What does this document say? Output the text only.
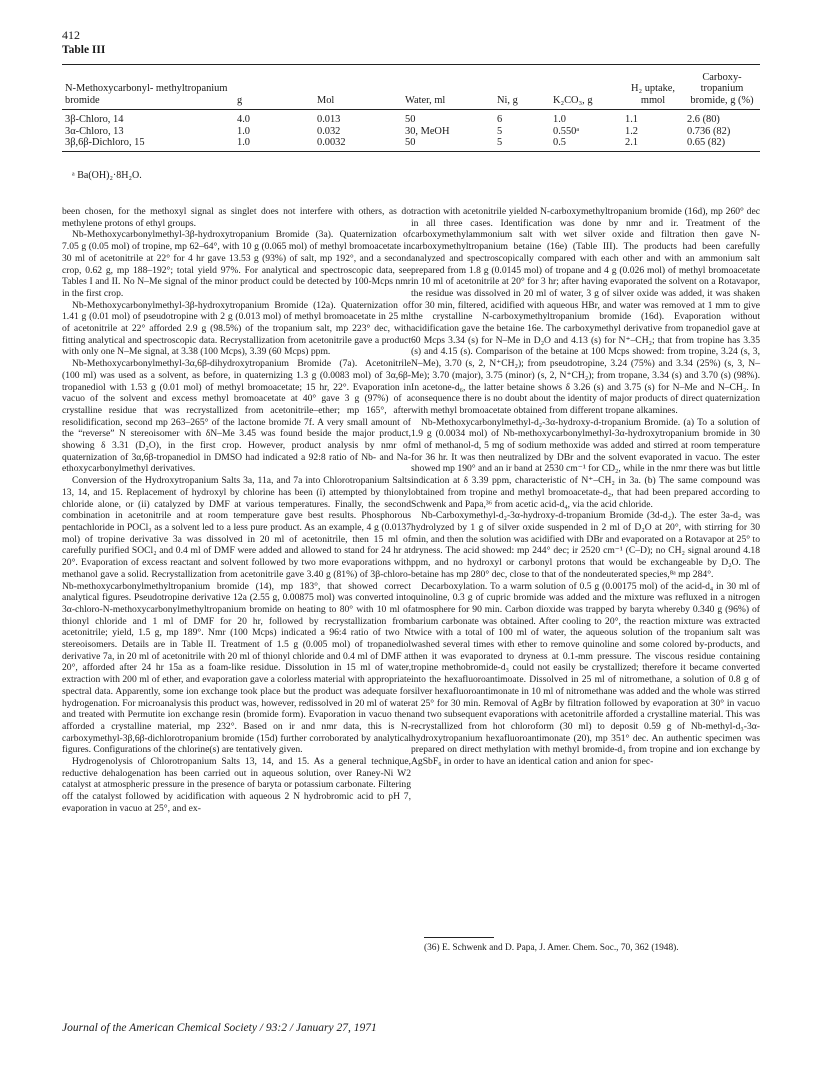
412
Table III
N-Methoxycarbonyl- methyltropanium bromide	g	Mol	Water, ml	Ni, g	K₂CO₃, g	H₂ uptake, mmol	Carboxy- tropanium bromide, g (%)
3β-Chloro, 14	4.0	0.013	50	6	1.0	1.1	2.6 (80)
3α-Chloro, 13	1.0	0.032	30, MeOH	5	0.550ᵃ	1.2	0.736 (82)
3β,6β-Dichloro, 15	1.0	0.0032	50	5	0.5	2.1	0.65 (82)
ᵃ Ba(OH)₂·8H₂O.

been chosen, for the methoxyl signal as singlet does not interfere with others, as do methylene protons of ethyl groups.

Nb-Methoxycarbonylmethyl-3β-hydroxytropanium Bromide (3a). Quaternization of 7.05 g (0.05 mol) of tropine, mp 62–64°, with 10 g (0.065 mol) of methyl bromoacetate in 30 ml of acetonitrile at 22° for 4 hr gave 13.53 g (93%) of salt, mp 192°, and a second crop, 0.62 g, mp 188–192°; total yield 97%. For analytical and spectroscopic data, see Tables I and II. No N–Me signal of the minor product could be detected by 100-Mcps nmr in the first crop.

Nb-Methoxycarbonylmethyl-3β-hydroxytropanium Bromide (12a). Quaternization of 1.41 g (0.01 mol) of pseudotropine with 2 g (0.013 mol) of methyl bromoacetate in 25 ml of acetonitrile at 22° afforded 2.9 g (98.5%) of the tropanium salt, mp 223° dec, with fitting analytical and spectroscopic data. Recrystallization from acetonitrile gave a product with only one N–Me signal, at 3.38 (100 Mcps), 3.39 (60 Mcps) ppm.

Nb-Methoxycarbonylmethyl-3α,6β-dihydroxytropanium Bromide (7a). Acetonitrile (100 ml) was used as a solvent, as before, in quaternizing 1.3 g (0.0083 mol) of 3α,6β-tropanediol with 1.53 g (0.01 mol) of methyl bromoacetate; 15 hr, 22°. Evaporation in vacuo of the solvent and excess methyl bromoacetate at 40° gave 3 g (97%) of a crystalline residue that was recrystallized from acetonitrile–ether; mp 165°, after resolidification, second mp 263–265° of the lactone bromide 7f. A very small amount of the “reverse” N stereoisomer with δN–Me 3.45 was found beside the major product, showing δ 3.31 (D₂O), in the first crop. However, product analysis by nmr of quaternization of 3α,6β-tropanediol in DMSO had indicated a 92:8 ratio of Nb- and Na-ethoxycarbonylmethyl derivatives.

Conversion of the Hydroxytropanium Salts 3a, 11a, and 7a into Chlorotropanium Salts 13, 14, and 15. Replacement of hydroxyl by chlorine has been (i) attempted by thionyl chloride alone, or (ii) catalyzed by DMF at various temperatures. Finally, the second combination in acetonitrile and at room temperature gave best results. Phosphorous pentachloride in POCl₃ as a solvent led to a less pure product. As an example, 4 g (0.0137 mol) of tropine derivative 3a was dissolved in 20 ml of acetonitrile, then 15 ml of carefully purified SOCl₂ and 0.4 ml of DMF were added and allowed to stand for 24 hr at 20°. Evaporation of excess reactant and solvent followed by two more evaporations with methanol gave a solid. Recrystallization from acetonitrile gave 3.40 g (81%) of 3β-chloro-Nb-methoxycarbonylmethyltropanium bromide (14), mp 183°, that showed correct analytical figures. Pseudotropine derivative 12a (2.55 g, 0.00875 mol) was converted into 3α-chloro-N-methoxycarbonylmethyltropanium bromide on heating to 80° with 10 ml of thionyl chloride and 1 ml of DMF for 20 hr, followed by recrystallization from acetonitrile; yield, 1.5 g, mp 189°. Nmr (100 Mcps) indicated a 96:4 ratio of two N stereoisomers. Details are in Table II. Treatment of 1.5 g (0.005 mol) of tropanediol derivative 7a, in 20 ml of acetonitrile with 20 ml of thionyl chloride and 0.4 ml of DMF at 20°, afforded after 24 hr 15a as a foam-like residue. Dissolution in 15 ml of water, extraction with 200 ml of ether, and evaporation gave a colorless material with appropriate spectral data. Apparently, some ion exchange took place but the product was adequate for hydrogenation. For microanalysis this product was, however, redissolved in 20 ml of water and treated with Permutite ion exchange resin (bromide form). Evaporation in vacuo then afforded a crystalline material, mp 232°. Based on ir and nmr data, this is N-carboxymethyl-3β,6β-dichlorotropanium bromide (15d) further corroborated by analytical figures. Configurations of the chlorine(s) are tentatively given.

Hydrogenolysis of Chlorotropanium Salts 13, 14, and 15. As a general technique, reductive dehalogenation has been carried out in aqueous solution, over Raney-Ni W2 catalyst at atmospheric pressure in the presence of baryta or potassium carbonate. Filtering off the catalyst followed by acidification with aqueous 2 N hydrobromic acid to pH 7, evaporation in vacuo at 25°, and ex-

traction with acetonitrile yielded N-carboxymethyltropanium bromide (16d), mp 260° dec in all three cases. Identification was done by nmr and ir. Treatment of the carboxymethylammonium salt with wet silver oxide and filtration then gave N-carboxymethyltropanium betaine (16e) (Table III). The products had been carefully analyzed and spectroscopically compared with each other and with an ammonium salt prepared from 1.8 g (0.0145 mol) of tropane and 4 g (0.026 mol) of methyl bromoacetate in 10 ml of acetonitrile at 20° for 3 hr; after having evaporated the solvent on a Rotavapor, the residue was dissolved in 20 ml of water, 3 g of silver oxide was added, it was shaken for 30 min, filtered, acidified with aqueous HBr, and water was removed at 1 mm to give the crystalline N-carboxymethyltropanium bromide (16d). Evaporation without acidification gave the betaine 16e. The carboxymethyl derivative from tropanediol gave at 60 Mcps 3.34 (s) for N–Me in D₂O and 4.13 (s) for N⁺–CH₂; that from tropine has 3.35 (s) and 4.15 (s). Comparison of the betaine at 100 Mcps showed: from tropine, 3.24 (s, 3, N–Me), 3.70 (s, 2, N⁺CH₂); from pseudotropine, 3.24 (75%) and 3.34 (25%) (s, 3, N–Me); 3.70 (major), 3.75 (minor) (s, 2, N⁺CH₂); from tropane, 3.34 (s) and 3.70 (s) (98%). In acetone-d₆, the latter betaine shows δ 3.26 (s) and 3.75 (s) for N–Me and N–CH₂. In consequence there is no doubt about the identity of major products of direct quaternization with methyl bromoacetate obtained from different tropane alkamines.

Nb-Methoxycarbonylmethyl-d₂-3α-hydroxy-d-tropanium Bromide. (a) To a solution of 1.9 g (0.0034 mol) of Nb-methoxycarbonylmethyl-3α-hydroxytropanium bromide in 30 ml of methanol-d, 5 mg of sodium methoxide was added and stirred at room temperature for 36 hr. It was then neutralized by DBr and the solvent evaporated in vacuo. The ester showed mp 190° and an ir band at 2530 cm⁻¹ for CD₂, while in the nmr there was but little indication at δ 3.39 ppm, characteristic of N⁺–CH₂ in 3a. (b) The same compound was obtained from tropine and methyl bromoacetate-d₂, that had been prepared according to Schwenk and Papa,³⁶ from acetic acid-d₄, via the acid chloride.

Nb-Carboxymethyl-d₂-3α-hydroxy-d-tropanium Bromide (3d-d₂). The ester 3a-d₂ was hydrolyzed by 1 g of silver oxide suspended in 2 ml of D₂O at 20°, with stirring for 30 min, and then the solution was acidified with DBr and evaporated on a Rotavapor at 25° to dryness. The acid showed: mp 244° dec; ir 2520 cm⁻¹ (C–D); no CH₂ signal around 4.18 ppm, and no hydroxyl or carbonyl protons that would be exchangeable by D₂O. The betaine has mp 280° dec, close to that of the nondeuterated species,⁸ᵃ mp 284°.

Decarboxylation. To a warm solution of 0.5 g (0.00175 mol) of the acid-d₄ in 30 ml of quinoline, 0.3 g of cupric bromide was added and the mixture was refluxed in a nitrogen atmosphere for 90 min. Carbon dioxide was trapped by baryta whereby 0.340 g (96%) of barium carbonate was obtained. After cooling to 20°, the reaction mixture was extracted twice with a total of 100 ml of water, the aqueous solution of the tropanium salt was washed several times with ether to remove quinoline and some colored by-products, and then it was evaporated to dryness at 0.1-mm pressure. The viscous residue containing tropine methobromide-d₃ could not easily be crystallized; therefore it became converted into the hexafluoroantimoate. Dissolved in 25 ml of nitromethane, a solution of 0.8 g of silver hexafluoroantimonate in 10 ml of nitromethane was added and the whole was stirred at 25° for 30 min. Removal of AgBr by filtration followed by evaporation at 30° in vacuo and two subsequent evaporations with acetonitrile afforded a crystalline material. This was recrystallized from hot chloroform (30 ml) to deposit 0.59 g of Nb-methyl-d₃-3α-hydroxytropanium hexafluoroantimonate (20), mp 351° dec. An authentic specimen was prepared on direct methylation with methyl bromide-d₃ from tropine and ion exchange by AgSbF₆ in order to have an identical cation and anion for spec-

(36) E. Schwenk and D. Papa, J. Amer. Chem. Soc., 70, 362 (1948).
Journal of the American Chemical Society / 93:2 / January 27, 1971
